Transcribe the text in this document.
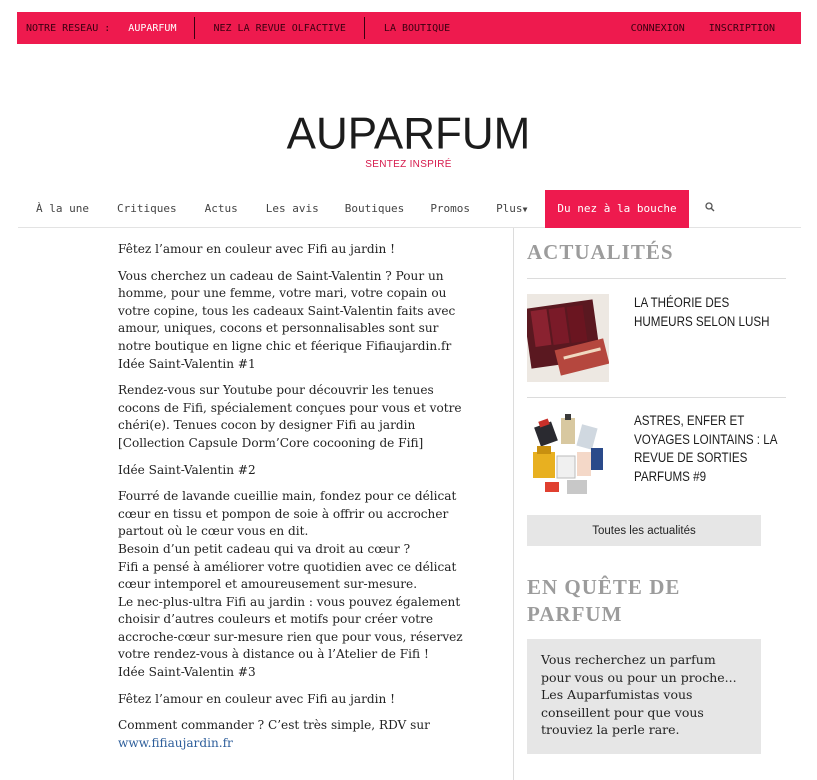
NOTRE RESEAU :	AUPARFUM	NEZ LA REVUE OLFACTIVE	LA BOUTIQUE	CONNEXION	INSCRIPTION
AUPARFUM
SENTEZ INSPIRÉ
À la une	Critiques	Actus	Les avis Boutiques Promos Plus▼	Du nez à la bouche

Fêtez l’amour en couleur avec Fifi au jardin !

Vous cherchez un cadeau de Saint-Valentin ? Pour un homme, pour une femme, votre mari, votre copain ou votre copine, tous les cadeaux Saint-Valentin faits avec amour, uniques, cocons et personnalisables sont sur notre boutique en ligne chic et féerique Fifiaujardin.fr
Idée Saint-Valentin #1

Rendez-vous sur Youtube pour découvrir les tenues cocons de Fifi, spécialement conçues pour vous et votre chéri(e). Tenues cocon by designer Fifi au jardin [Collection Capsule Dorm’Core cocooning de Fifi]

Idée Saint-Valentin #2

Fourré de lavande cueillie main, fondez pour ce délicat cœur en tissu et pompon de soie à offrir ou accrocher partout où le cœur vous en dit.
Besoin d’un petit cadeau qui va droit au cœur ?
Fifi a pensé à améliorer votre quotidien avec ce délicat cœur intemporel et amoureusement sur-mesure.
Le nec-plus-ultra Fifi au jardin : vous pouvez également choisir d’autres couleurs et motifs pour créer votre accroche-cœur sur-mesure rien que pour vous, réservez votre rendez-vous à distance ou à l’Atelier de Fifi !
Idée Saint-Valentin #3

Fêtez l’amour en couleur avec Fifi au jardin !

Comment commander ? C’est très simple, RDV sur
www.fifiaujardin.fr

ACTUALITÉS
LA THÉORIE DES HUMEURS SELON LUSH
ASTRES, ENFER ET VOYAGES LOINTAINS : LA REVUE DE SORTIES PARFUMS #9
Toutes les actualités
EN QUÊTE DE PARFUM
Vous recherchez un parfum pour vous ou pour un proche... Les Auparfumistas vous conseillent pour que vous trouviez la perle rare.
